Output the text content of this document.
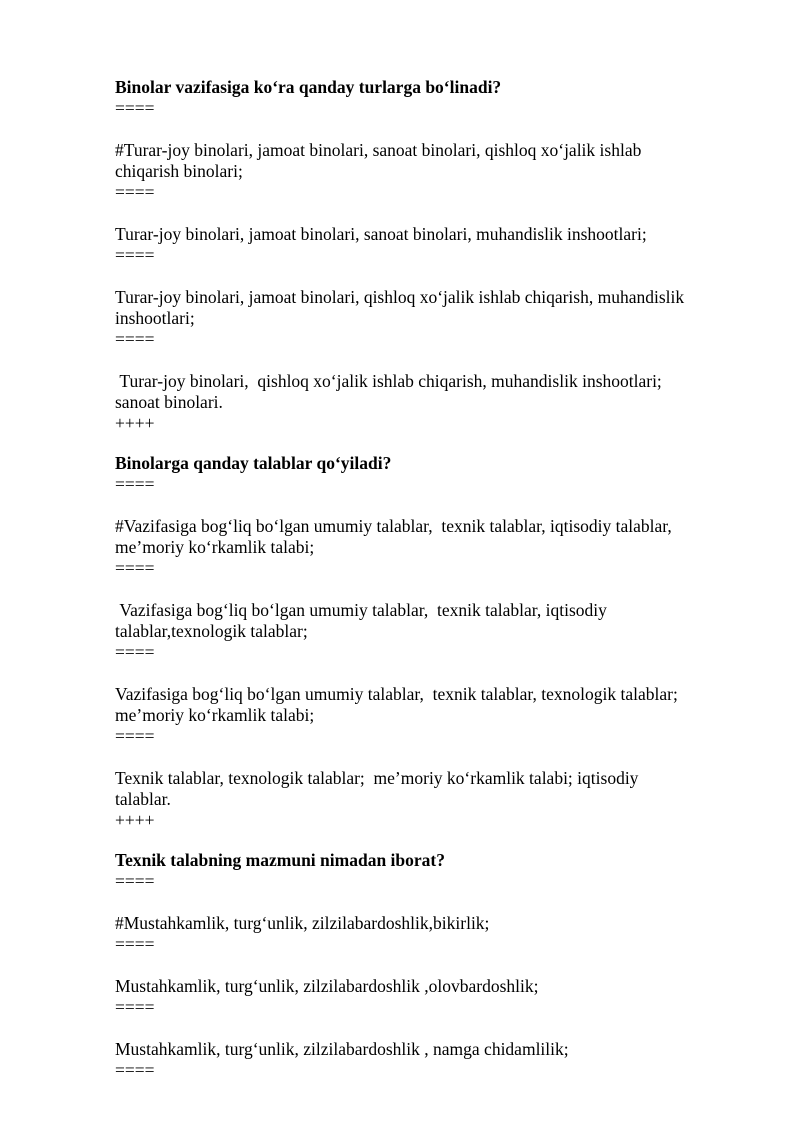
Binolar vazifasiga ko‘ra qanday turlarga bo‘linadi?
====
#Turar-joy binolari, jamoat binolari, sanoat binolari, qishloq xo‘jalik ishlab
chiqarish binolari;
====
Turar-joy binolari, jamoat binolari, sanoat binolari, muhandislik inshootlari;
====
Turar-joy binolari, jamoat binolari, qishloq xo‘jalik ishlab chiqarish, muhandislik
inshootlari;
====
Turar-joy binolari,  qishloq xo‘jalik ishlab chiqarish, muhandislik inshootlari;
sanoat binolari.
++++
Binolarga qanday talablar qo‘yiladi?
====
#Vazifasiga bog‘liq bo‘lgan umumiy talablar,  texnik talablar, iqtisodiy talablar,
me’moriy ko‘rkamlik talabi;
====
Vazifasiga bog‘liq bo‘lgan umumiy talablar,  texnik talablar, iqtisodiy
talablar,texnologik talablar;
====
Vazifasiga bog‘liq bo‘lgan umumiy talablar,  texnik talablar, texnologik talablar;
me’moriy ko‘rkamlik talabi;
====
Texnik talablar, texnologik talablar;  me’moriy ko‘rkamlik talabi; iqtisodiy
talablar.
++++
Texnik talabning mazmuni nimadan iborat?
====
#Mustahkamlik, turg‘unlik, zilzilabardoshlik,bikirlik;
====
Mustahkamlik, turg‘unlik, zilzilabardoshlik ,olovbardoshlik;
====
Mustahkamlik, turg‘unlik, zilzilabardoshlik , namga chidamlilik;
====
